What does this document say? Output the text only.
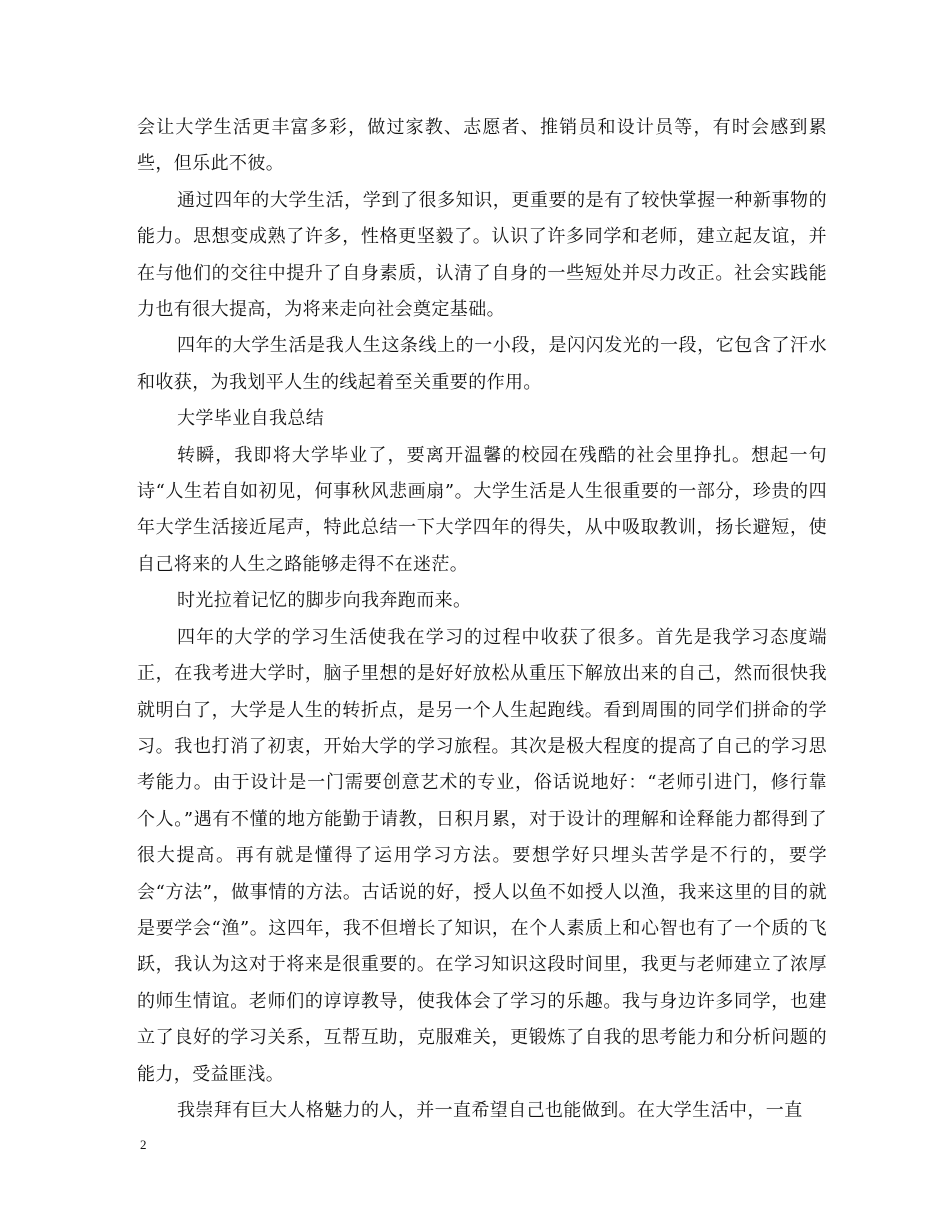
会让大学生活更丰富多彩，做过家教、志愿者、推销员和设计员等，有时会感到累些，但乐此不彼。

通过四年的大学生活，学到了很多知识，更重要的是有了较快掌握一种新事物的能力。思想变成熟了许多，性格更坚毅了。认识了许多同学和老师，建立起友谊，并在与他们的交往中提升了自身素质，认清了自身的一些短处并尽力改正。社会实践能力也有很大提高，为将来走向社会奠定基础。

四年的大学生活是我人生这条线上的一小段，是闪闪发光的一段，它包含了汗水和收获，为我划平人生的线起着至关重要的作用。

大学毕业自我总结

转瞬，我即将大学毕业了，要离开温馨的校园在残酷的社会里挣扎。想起一句诗“人生若自如初见，何事秋风悲画扇”。大学生活是人生很重要的一部分，珍贵的四年大学生活接近尾声，特此总结一下大学四年的得失，从中吸取教训，扬长避短，使自己将来的人生之路能够走得不在迷茫。

时光拉着记忆的脚步向我奔跑而来。

四年的大学的学习生活使我在学习的过程中收获了很多。首先是我学习态度端正，在我考进大学时，脑子里想的是好好放松从重压下解放出来的自己，然而很快我就明白了，大学是人生的转折点，是另一个人生起跑线。看到周围的同学们拼命的学习。我也打消了初衷，开始大学的学习旅程。其次是极大程度的提高了自己的学习思考能力。由于设计是一门需要创意艺术的专业，俗话说地好：“老师引进门，修行靠个人。”遇有不懂的地方能勤于请教，日积月累，对于设计的理解和诠释能力都得到了很大提高。再有就是懂得了运用学习方法。要想学好只埋头苦学是不行的，要学会“方法”，做事情的方法。古话说的好，授人以鱼不如授人以渔，我来这里的目的就是要学会“渔”。这四年，我不但增长了知识，在个人素质上和心智也有了一个质的飞跃，我认为这对于将来是很重要的。在学习知识这段时间里，我更与老师建立了浓厚的师生情谊。老师们的谆谆教导，使我体会了学习的乐趣。我与身边许多同学，也建立了良好的学习关系，互帮互助，克服难关，更锻炼了自我的思考能力和分析问题的能力，受益匪浅。

我崇拜有巨大人格魅力的人，并一直希望自己也能做到。在大学生活中，一直

2
